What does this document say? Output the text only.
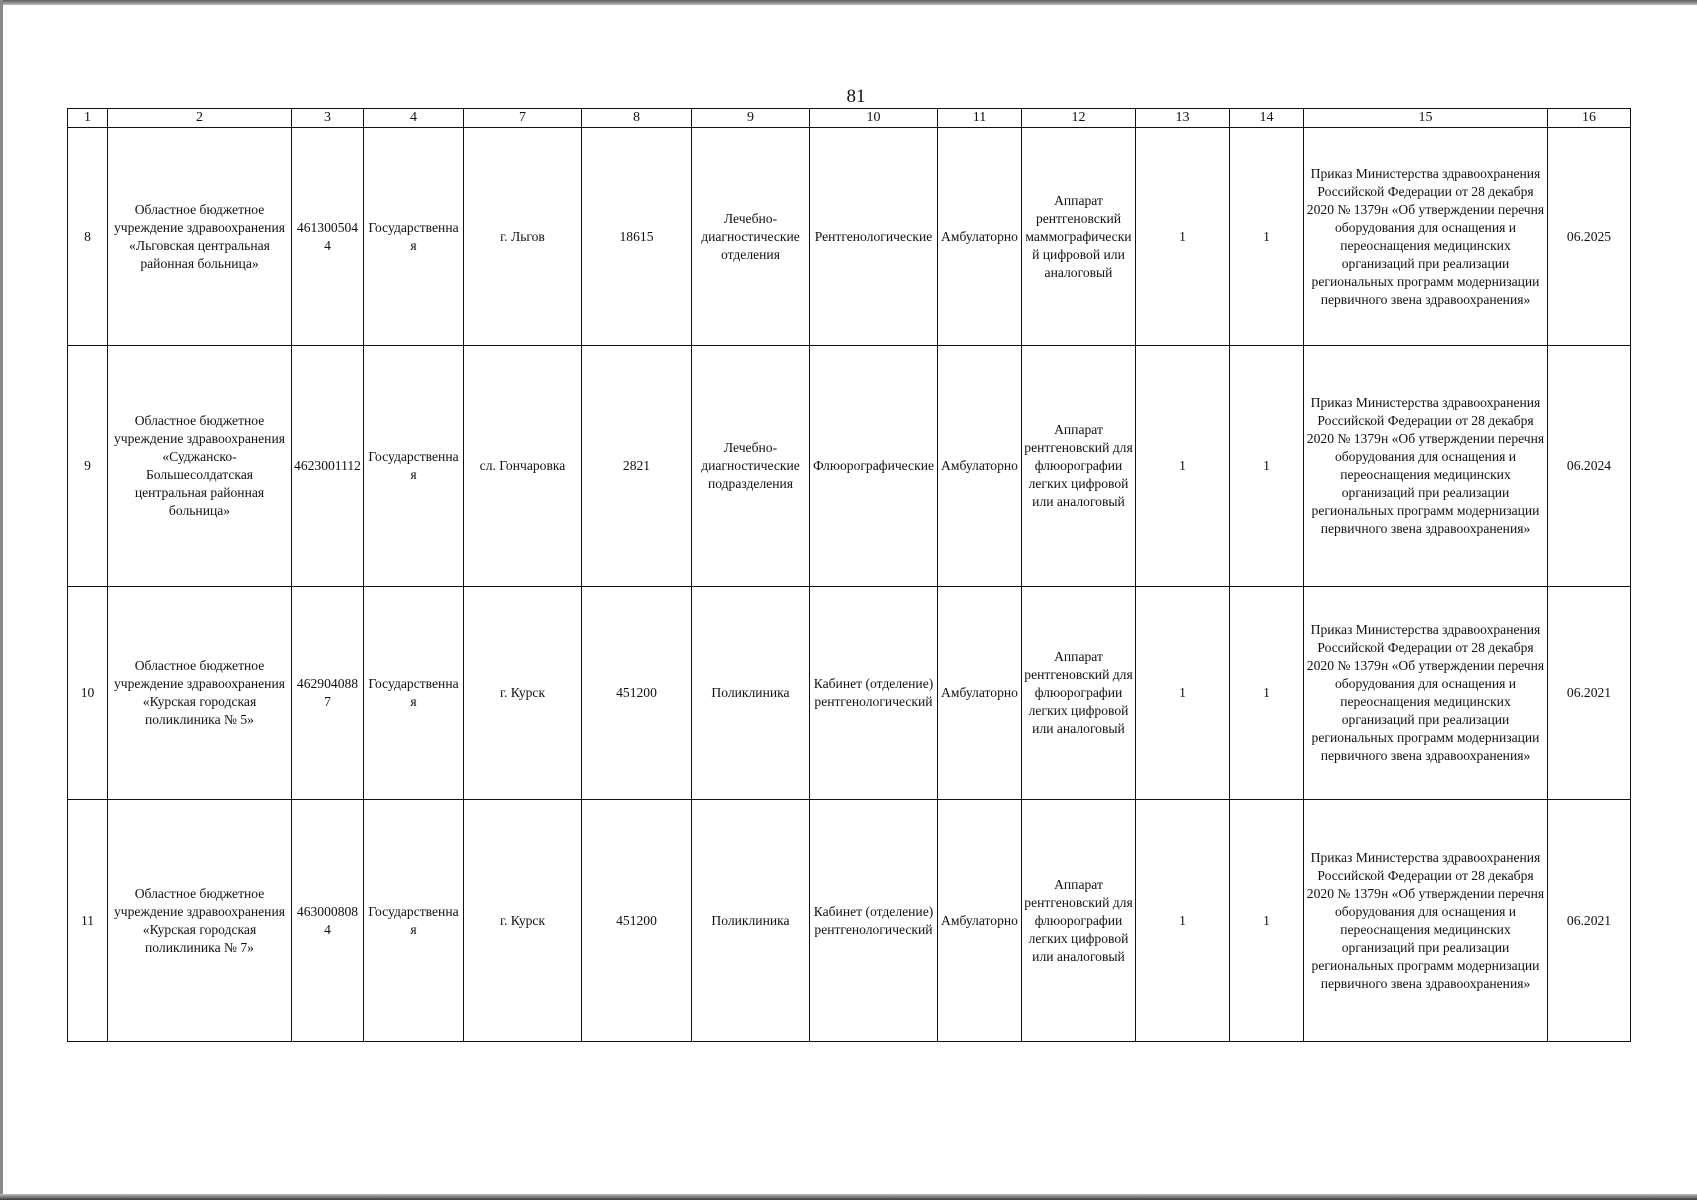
81
1	2	3	4	7	8	9	10	11	12	13	14	15	16
8	Областное бюджетное учреждение здравоохранения «Льговская центральная районная больница»	4613005044	Государственная	г. Льгов	18615	Лечебно-диагностические отделения	Рентгенологические	Амбулаторно	Аппарат рентгеновский маммографический цифровой или аналоговый	1	1	Приказ Министерства здравоохранения Российской Федерации от 28 декабря 2020 № 1379н «Об утверждении перечня оборудования для оснащения и переоснащения медицинских организаций при реализации региональных программ модернизации первичного звена здравоохранения»	06.2025
9	Областное бюджетное учреждение здравоохранения «Суджанско-Большесолдатская центральная районная больница»	4623001112	Государственная	сл. Гончаровка	2821	Лечебно-диагностические подразделения	Флюорографические	Амбулаторно	Аппарат рентгеновский для флюорографии легких цифровой или аналоговый	1	1	Приказ Министерства здравоохранения Российской Федерации от 28 декабря 2020 № 1379н «Об утверждении перечня оборудования для оснащения и переоснащения медицинских организаций при реализации региональных программ модернизации первичного звена здравоохранения»	06.2024
10	Областное бюджетное учреждение здравоохранения «Курская городская поликлиника № 5»	4629040887	Государственная	г. Курск	451200	Поликлиника	Кабинет (отделение) рентгенологический	Амбулаторно	Аппарат рентгеновский для флюорографии легких цифровой или аналоговый	1	1	Приказ Министерства здравоохранения Российской Федерации от 28 декабря 2020 № 1379н «Об утверждении перечня оборудования для оснащения и переоснащения медицинских организаций при реализации региональных программ модернизации первичного звена здравоохранения»	06.2021
11	Областное бюджетное учреждение здравоохранения «Курская городская поликлиника № 7»	4630008084	Государственная	г. Курск	451200	Поликлиника	Кабинет (отделение) рентгенологический	Амбулаторно	Аппарат рентгеновский для флюорографии легких цифровой или аналоговый	1	1	Приказ Министерства здравоохранения Российской Федерации от 28 декабря 2020 № 1379н «Об утверждении перечня оборудования для оснащения и переоснащения медицинских организаций при реализации региональных программ модернизации первичного звена здравоохранения»	06.2021
